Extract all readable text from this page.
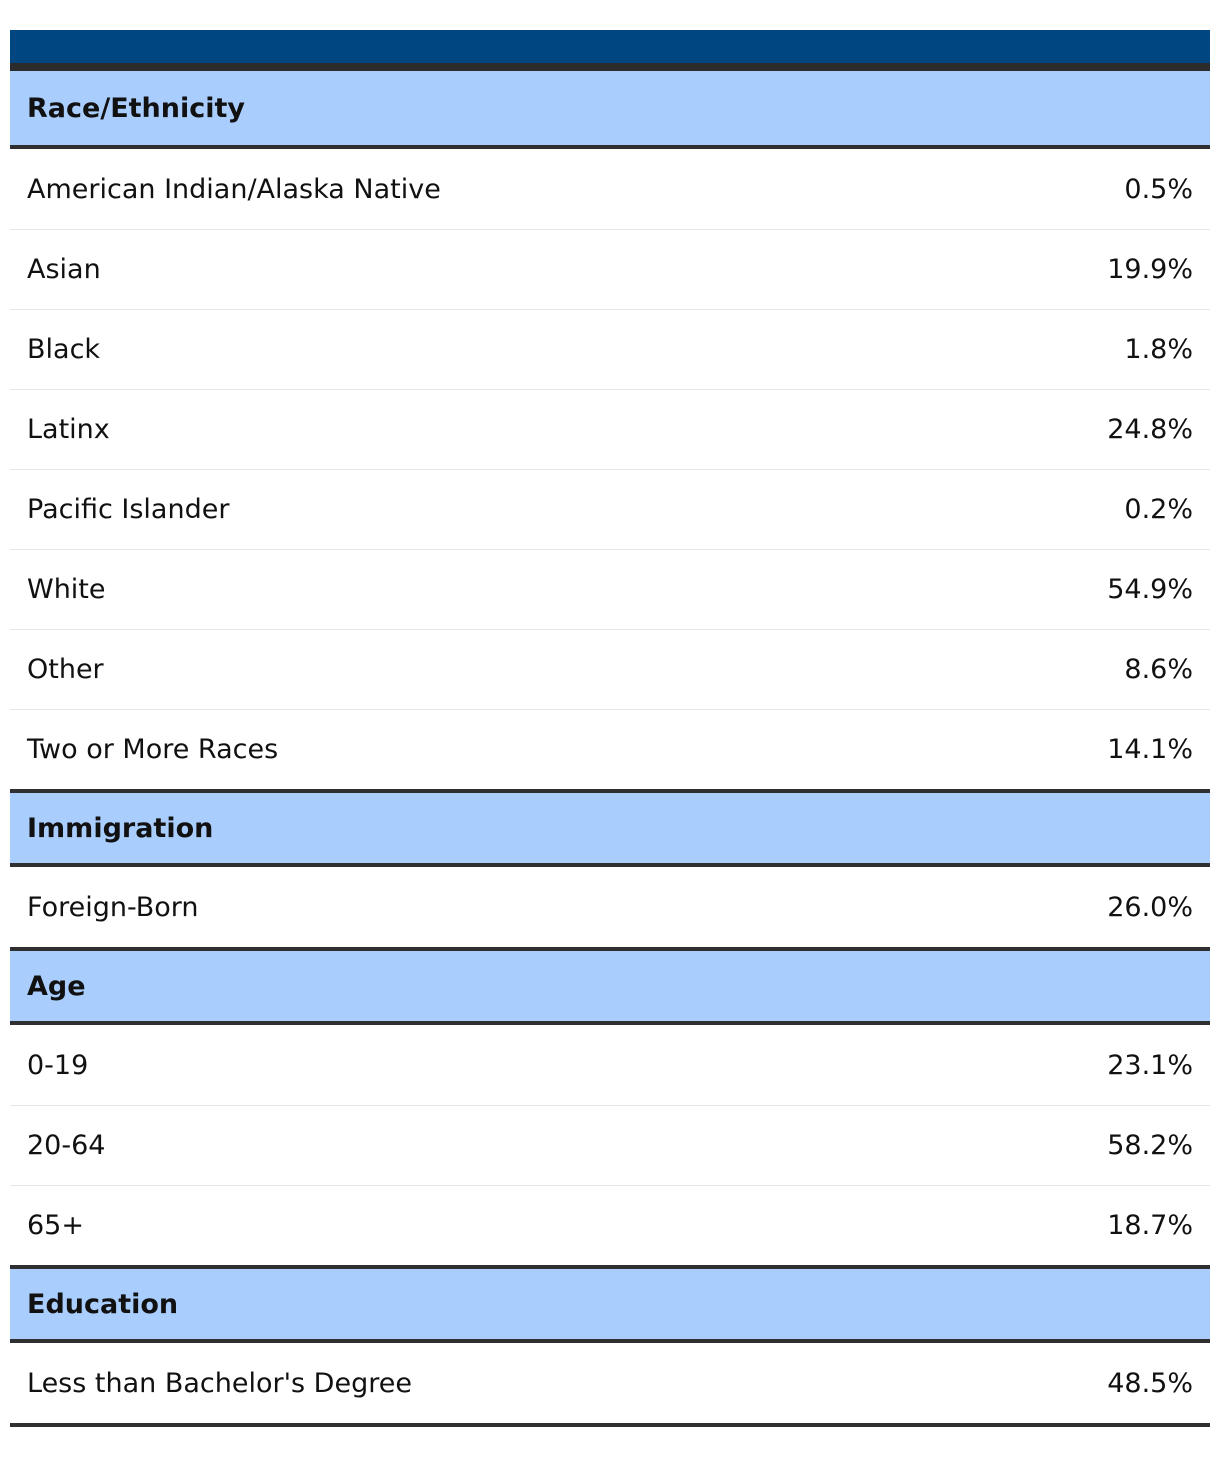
Race/Ethnicity
American Indian/Alaska Native	0.5%
Asian	19.9%
Black	1.8%
Latinx	24.8%
Pacific Islander	0.2%
White	54.9%
Other	8.6%
Two or More Races	14.1%
Immigration
Foreign-Born	26.0%
Age
0-19	23.1%
20-64	58.2%
65+	18.7%
Education
Less than Bachelor's Degree	48.5%
